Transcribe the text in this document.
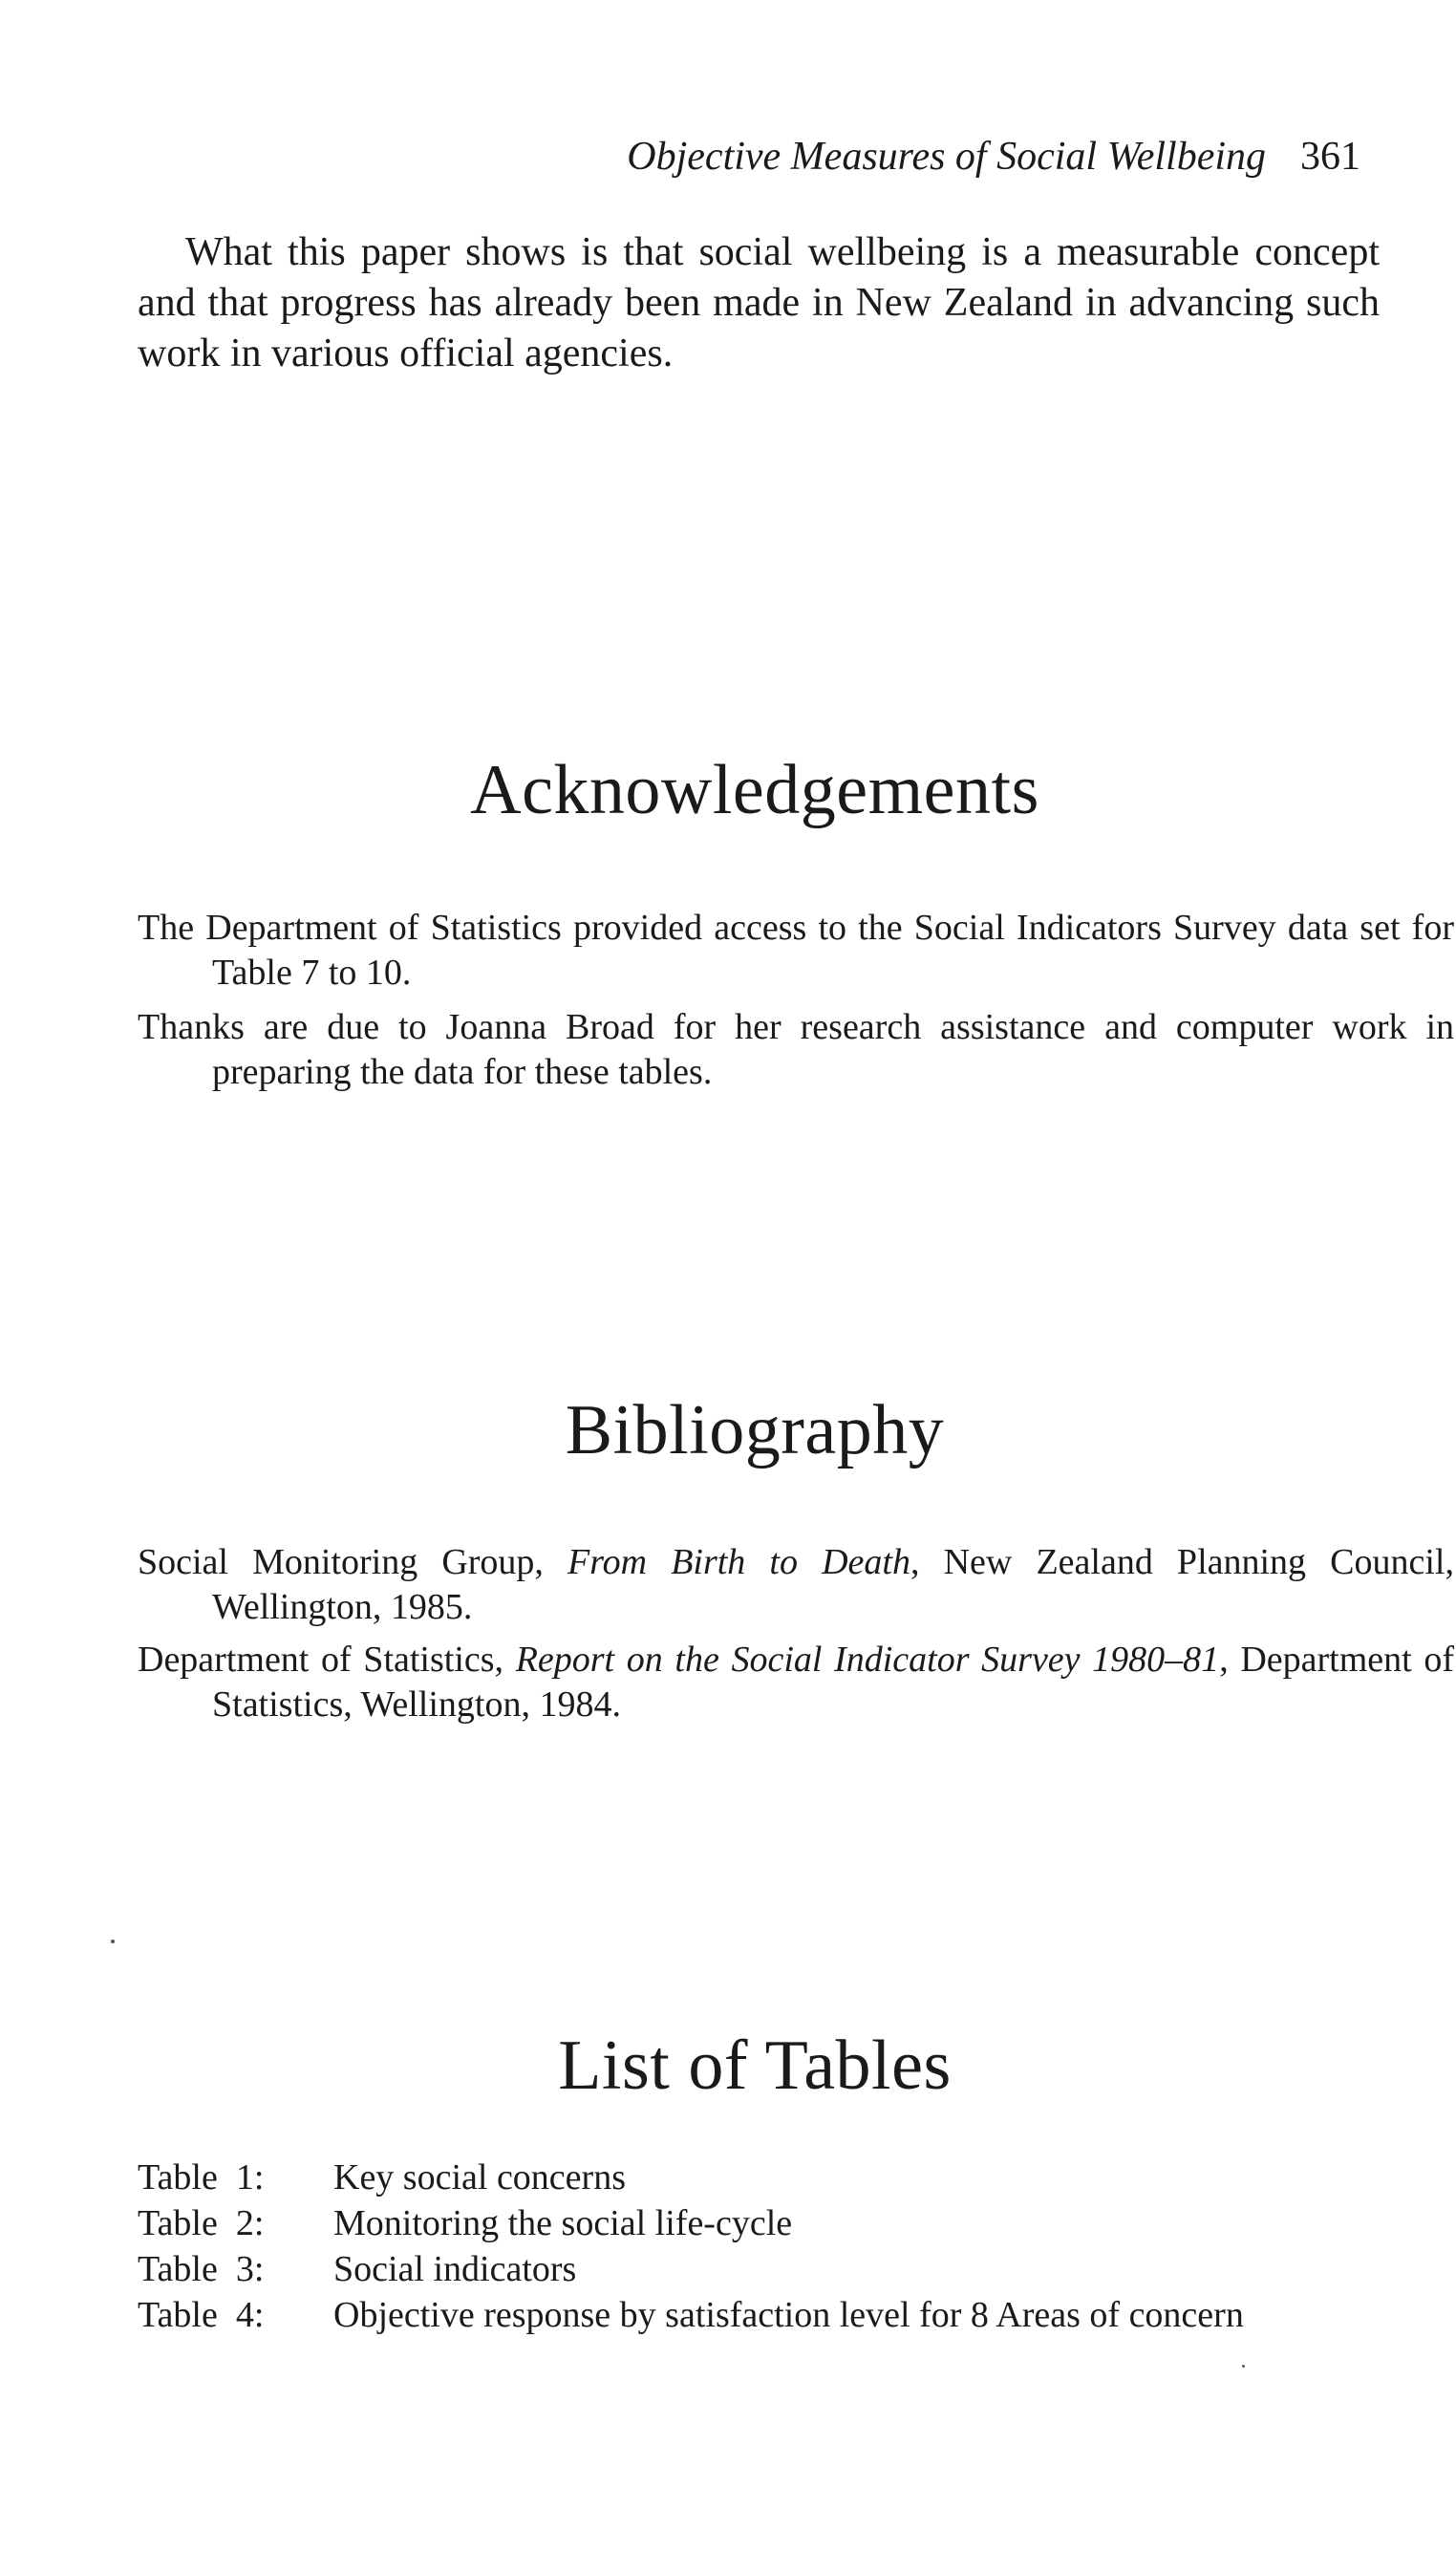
Objective Measures of Social Wellbeing 361

What this paper shows is that social wellbeing is a measurable concept and that progress has already been made in New Zealand in advancing such work in various official agencies.

Acknowledgements
The Department of Statistics provided access to the Social Indicators Survey data set for Table 7 to 10.
Thanks are due to Joanna Broad for her research assistance and computer work in preparing the data for these tables.
Bibliography
Social Monitoring Group, From Birth to Death, New Zealand Planning Council, Wellington, 1985.
Department of Statistics, Report on the Social Indicator Survey 1980–81, Department of Statistics, Wellington, 1984.
List of Tables
Table  1:	Key social concerns
Table  2:	Monitoring the social life-cycle
Table  3:	Social indicators
Table  4:	Objective response by satisfaction level for 8 Areas of concern
